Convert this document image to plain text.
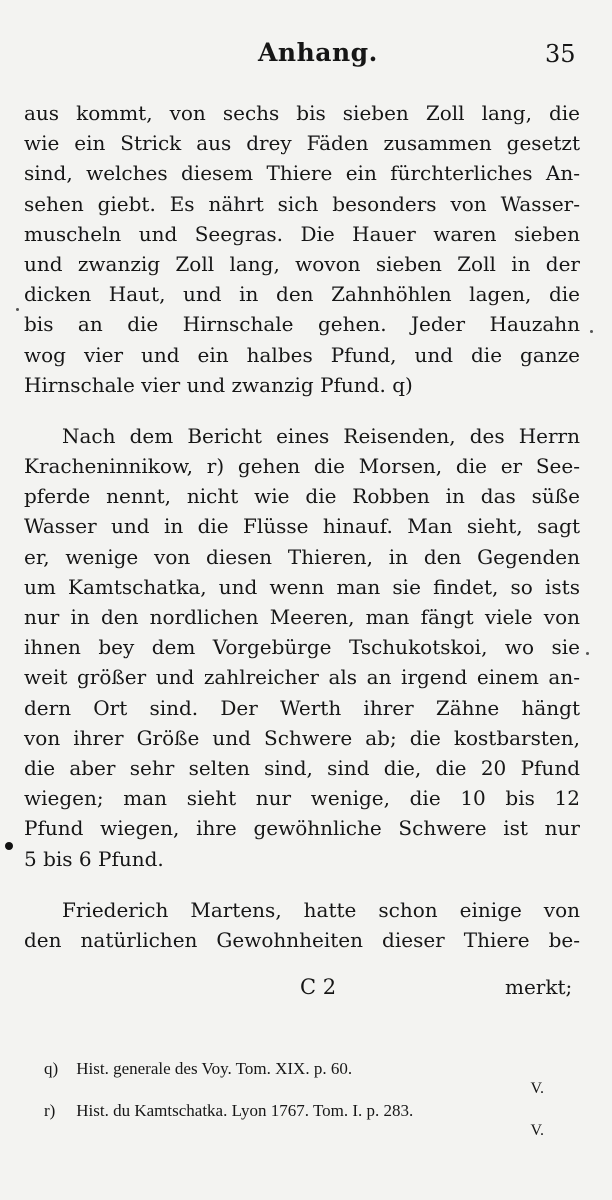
Anhang.	35
aus kommt, von sechs bis sieben Zoll lang, die
wie ein Strick aus drey Fäden zusammen gesetzt
sind, welches diesem Thiere ein fürchterliches An-
sehen giebt. Es nährt sich besonders von Wasser-
muscheln und Seegras. Die Hauer waren sieben
und zwanzig Zoll lang, wovon sieben Zoll in der
dicken Haut, und in den Zahnhöhlen lagen, die
bis an die Hirnschale gehen. Jeder Hauzahn
wog vier und ein halbes Pfund, und die ganze
Hirnschale vier und zwanzig Pfund. q)
Nach dem Bericht eines Reisenden, des Herrn
Kracheninnikow, r) gehen die Morsen, die er See-
pferde nennt, nicht wie die Robben in das süße
Wasser und in die Flüsse hinauf. Man sieht, sagt
er, wenige von diesen Thieren, in den Gegenden
um Kamtschatka, und wenn man sie findet, so ists
nur in den nordlichen Meeren, man fängt viele von
ihnen bey dem Vorgebürge Tschukotskoi, wo sie
weit größer und zahlreicher als an irgend einem an-
dern Ort sind. Der Werth ihrer Zähne hängt
von ihrer Größe und Schwere ab; die kostbarsten,
die aber sehr selten sind, sind die, die 20 Pfund
wiegen; man sieht nur wenige, die 10 bis 12
Pfund wiegen, ihre gewöhnliche Schwere ist nur
5 bis 6 Pfund.
Friederich Martens, hatte schon einige von
den natürlichen Gewohnheiten dieser Thiere be-
C 2	merkt;
q) Hist. generale des Voy. Tom. XIX. p. 60.
V.
r) Hist. du Kamtschatka. Lyon 1767. Tom. I. p. 283.
V.
